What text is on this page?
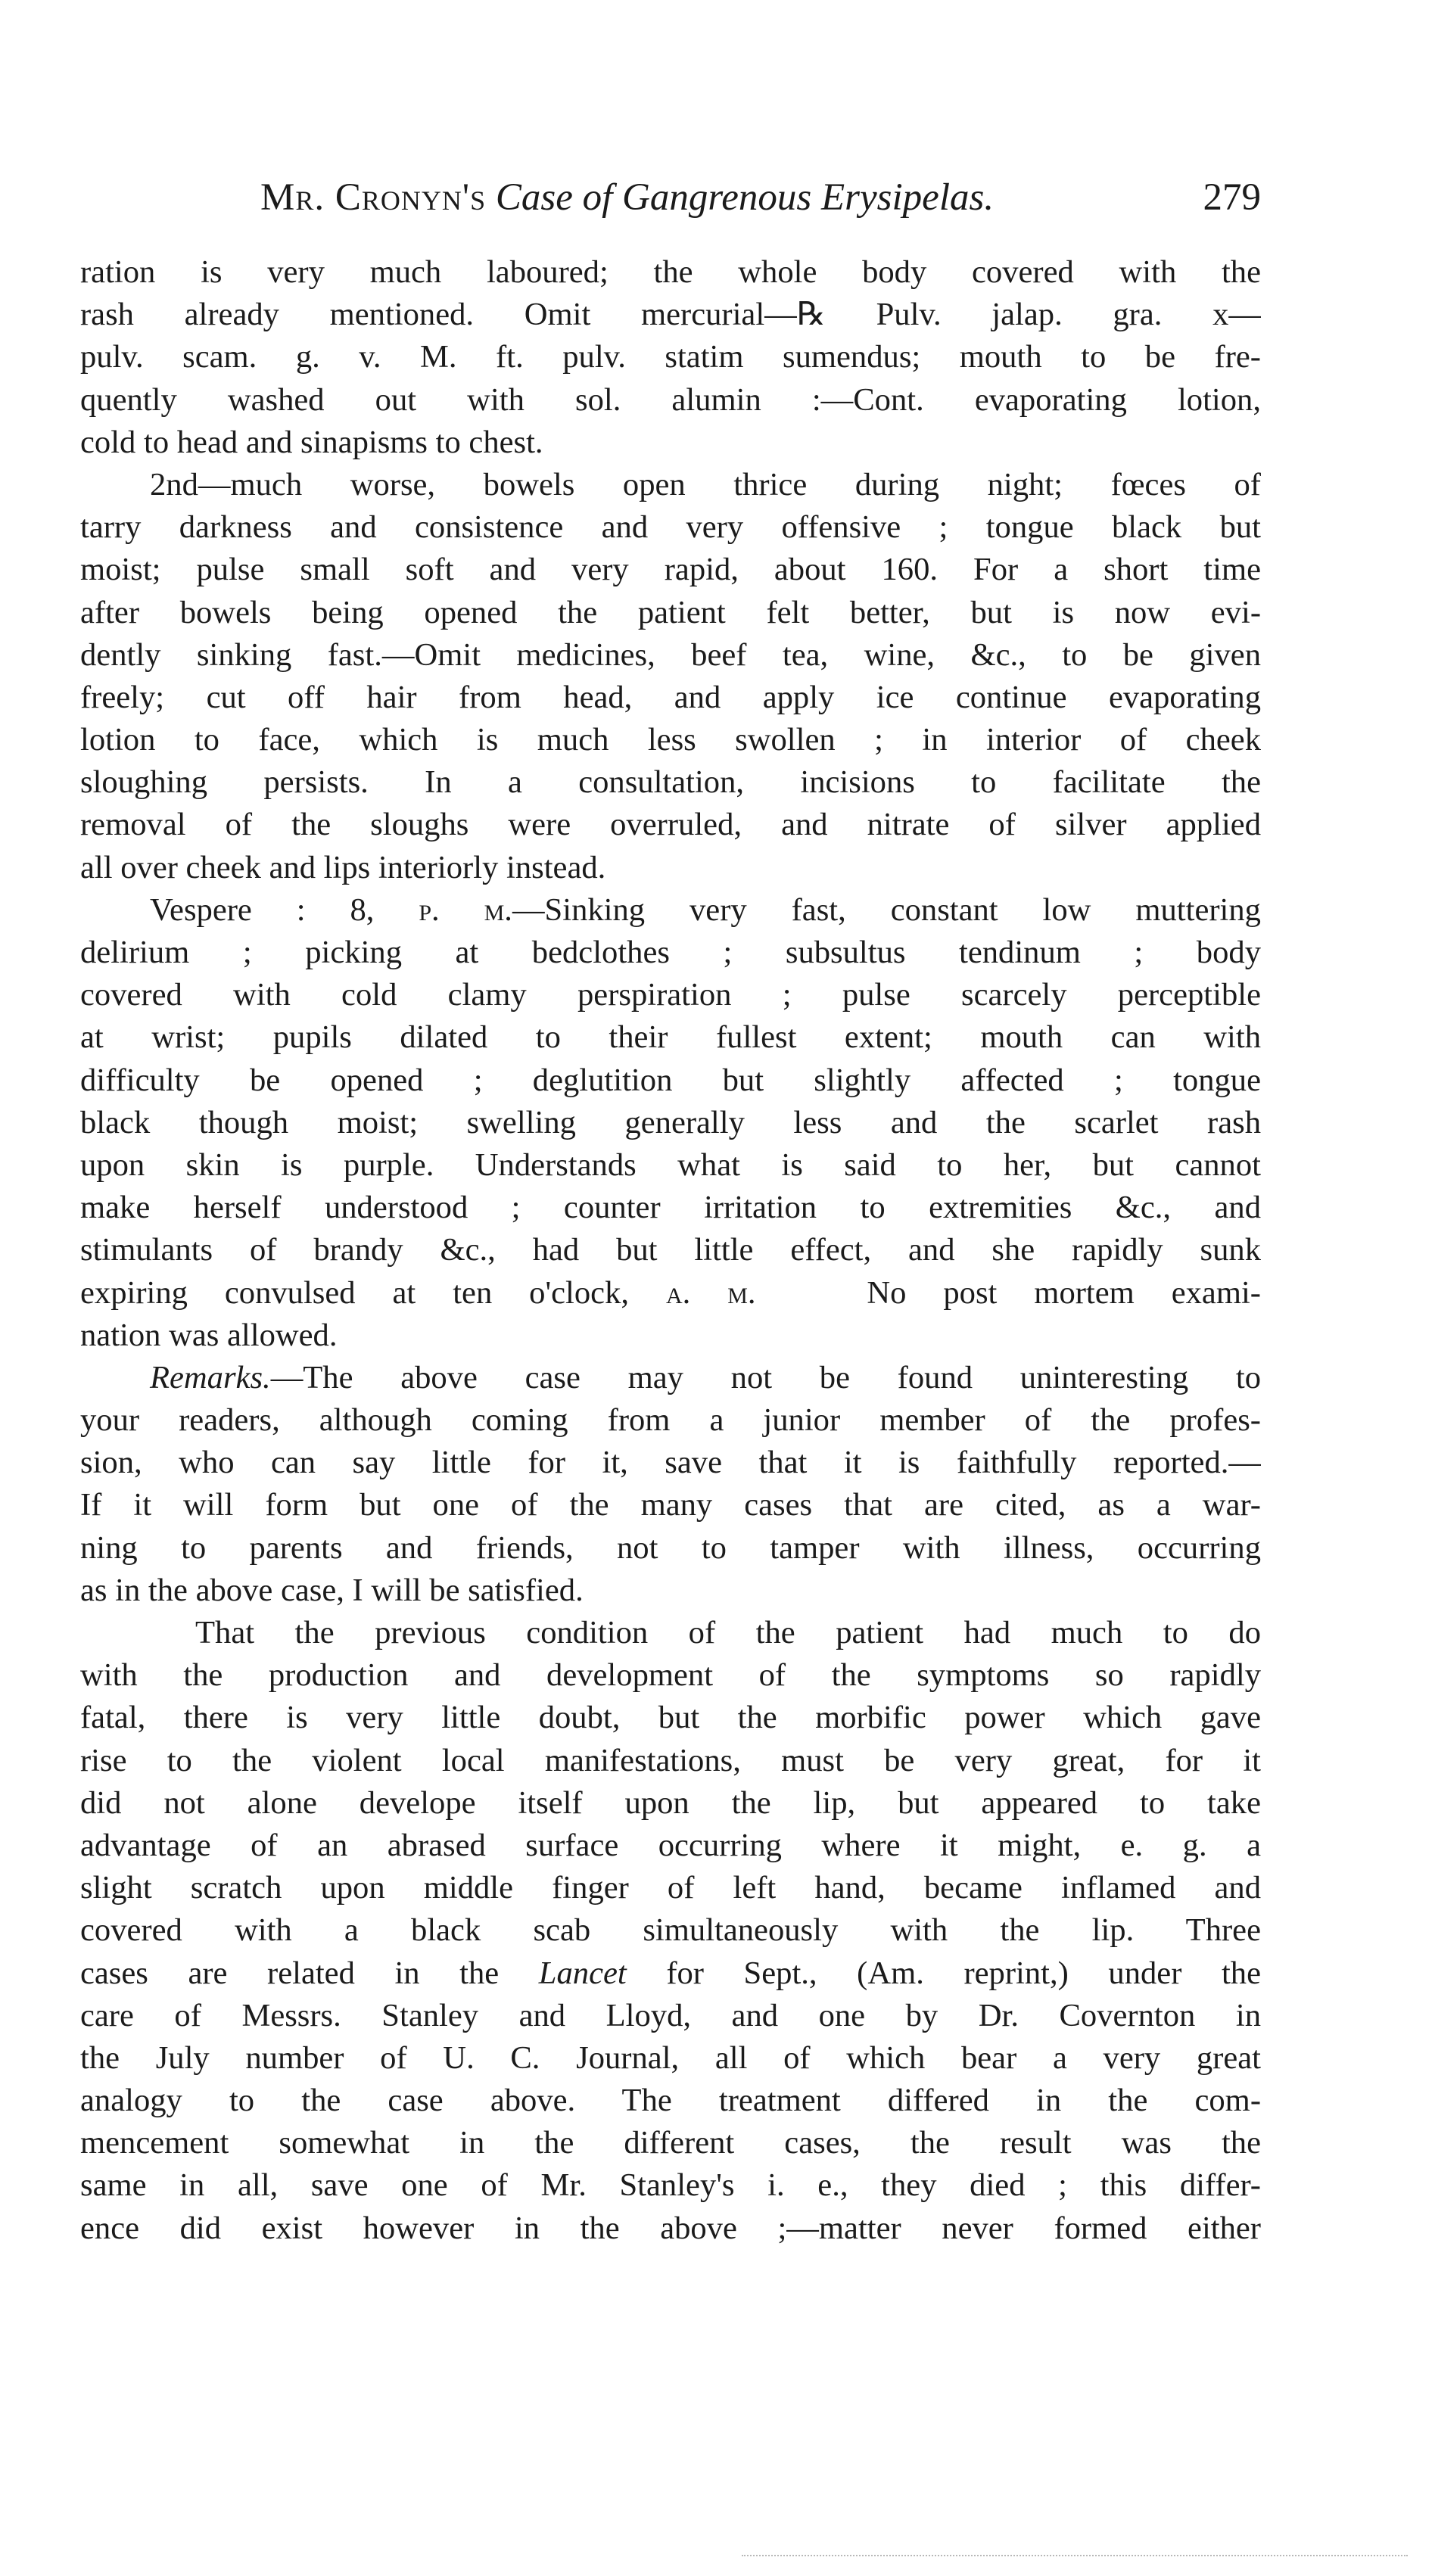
Mr. Cronyn's Case of Gangrenous Erysipelas.	279
ration is very much laboured; the whole body covered with the
rash already mentioned. Omit mercurial—℞ Pulv. jalap. gra. x—
pulv. scam. g. v. M. ft. pulv. statim sumendus; mouth to be fre-
quently washed out with sol. alumin :—Cont. evaporating lotion,
cold to head and sinapisms to chest.
2nd—much worse, bowels open thrice during night; fœces of
tarry darkness and consistence and very offensive ; tongue black but
moist; pulse small soft and very rapid, about 160. For a short time
after bowels being opened the patient felt better, but is now evi-
dently sinking fast.—Omit medicines, beef tea, wine, &c., to be given
freely; cut off hair from head, and apply ice continue evaporating
lotion to face, which is much less swollen ; in interior of cheek
sloughing persists. In a consultation, incisions to facilitate the
removal of the sloughs were overruled, and nitrate of silver applied
all over cheek and lips interiorly instead.
Vespere : 8, p. m.—Sinking very fast, constant low muttering
delirium ; picking at bedclothes ; subsultus tendinum ; body
covered with cold clamy perspiration ; pulse scarcely perceptible
at wrist; pupils dilated to their fullest extent; mouth can with
difficulty be opened ; deglutition but slightly affected ; tongue
black though moist; swelling generally less and the scarlet rash
upon skin is purple. Understands what is said to her, but cannot
make herself understood ; counter irritation to extremities &c., and
stimulants of brandy &c., had but little effect, and she rapidly sunk
expiring convulsed at ten o'clock, a. m.	No post mortem exami-
nation was allowed.
Remarks.—The above case may not be found uninteresting to
your readers, although coming from a junior member of the profes-
sion, who can say little for it, save that it is faithfully reported.—
If it will form but one of the many cases that are cited, as a war-
ning to parents and friends, not to tamper with illness, occurring
as in the above case, I will be satisfied.
That the previous condition of the patient had much to do
with the production and development of the symptoms so rapidly
fatal, there is very little doubt, but the morbific power which gave
rise to the violent local manifestations, must be very great, for it
did not alone develope itself upon the lip, but appeared to take
advantage of an abrased surface occurring where it might, e. g. a
slight scratch upon middle finger of left hand, became inflamed and
covered with a black scab simultaneously with the lip. Three
cases are related in the Lancet for Sept., (Am. reprint,) under the
care of Messrs. Stanley and Lloyd, and one by Dr. Covernton in
the July number of U. C. Journal, all of which bear a very great
analogy to the case above. The treatment differed in the com-
mencement somewhat in the different cases, the result was the
same in all, save one of Mr. Stanley's i. e., they died ; this differ-
ence did exist however in the above ;—matter never formed either
